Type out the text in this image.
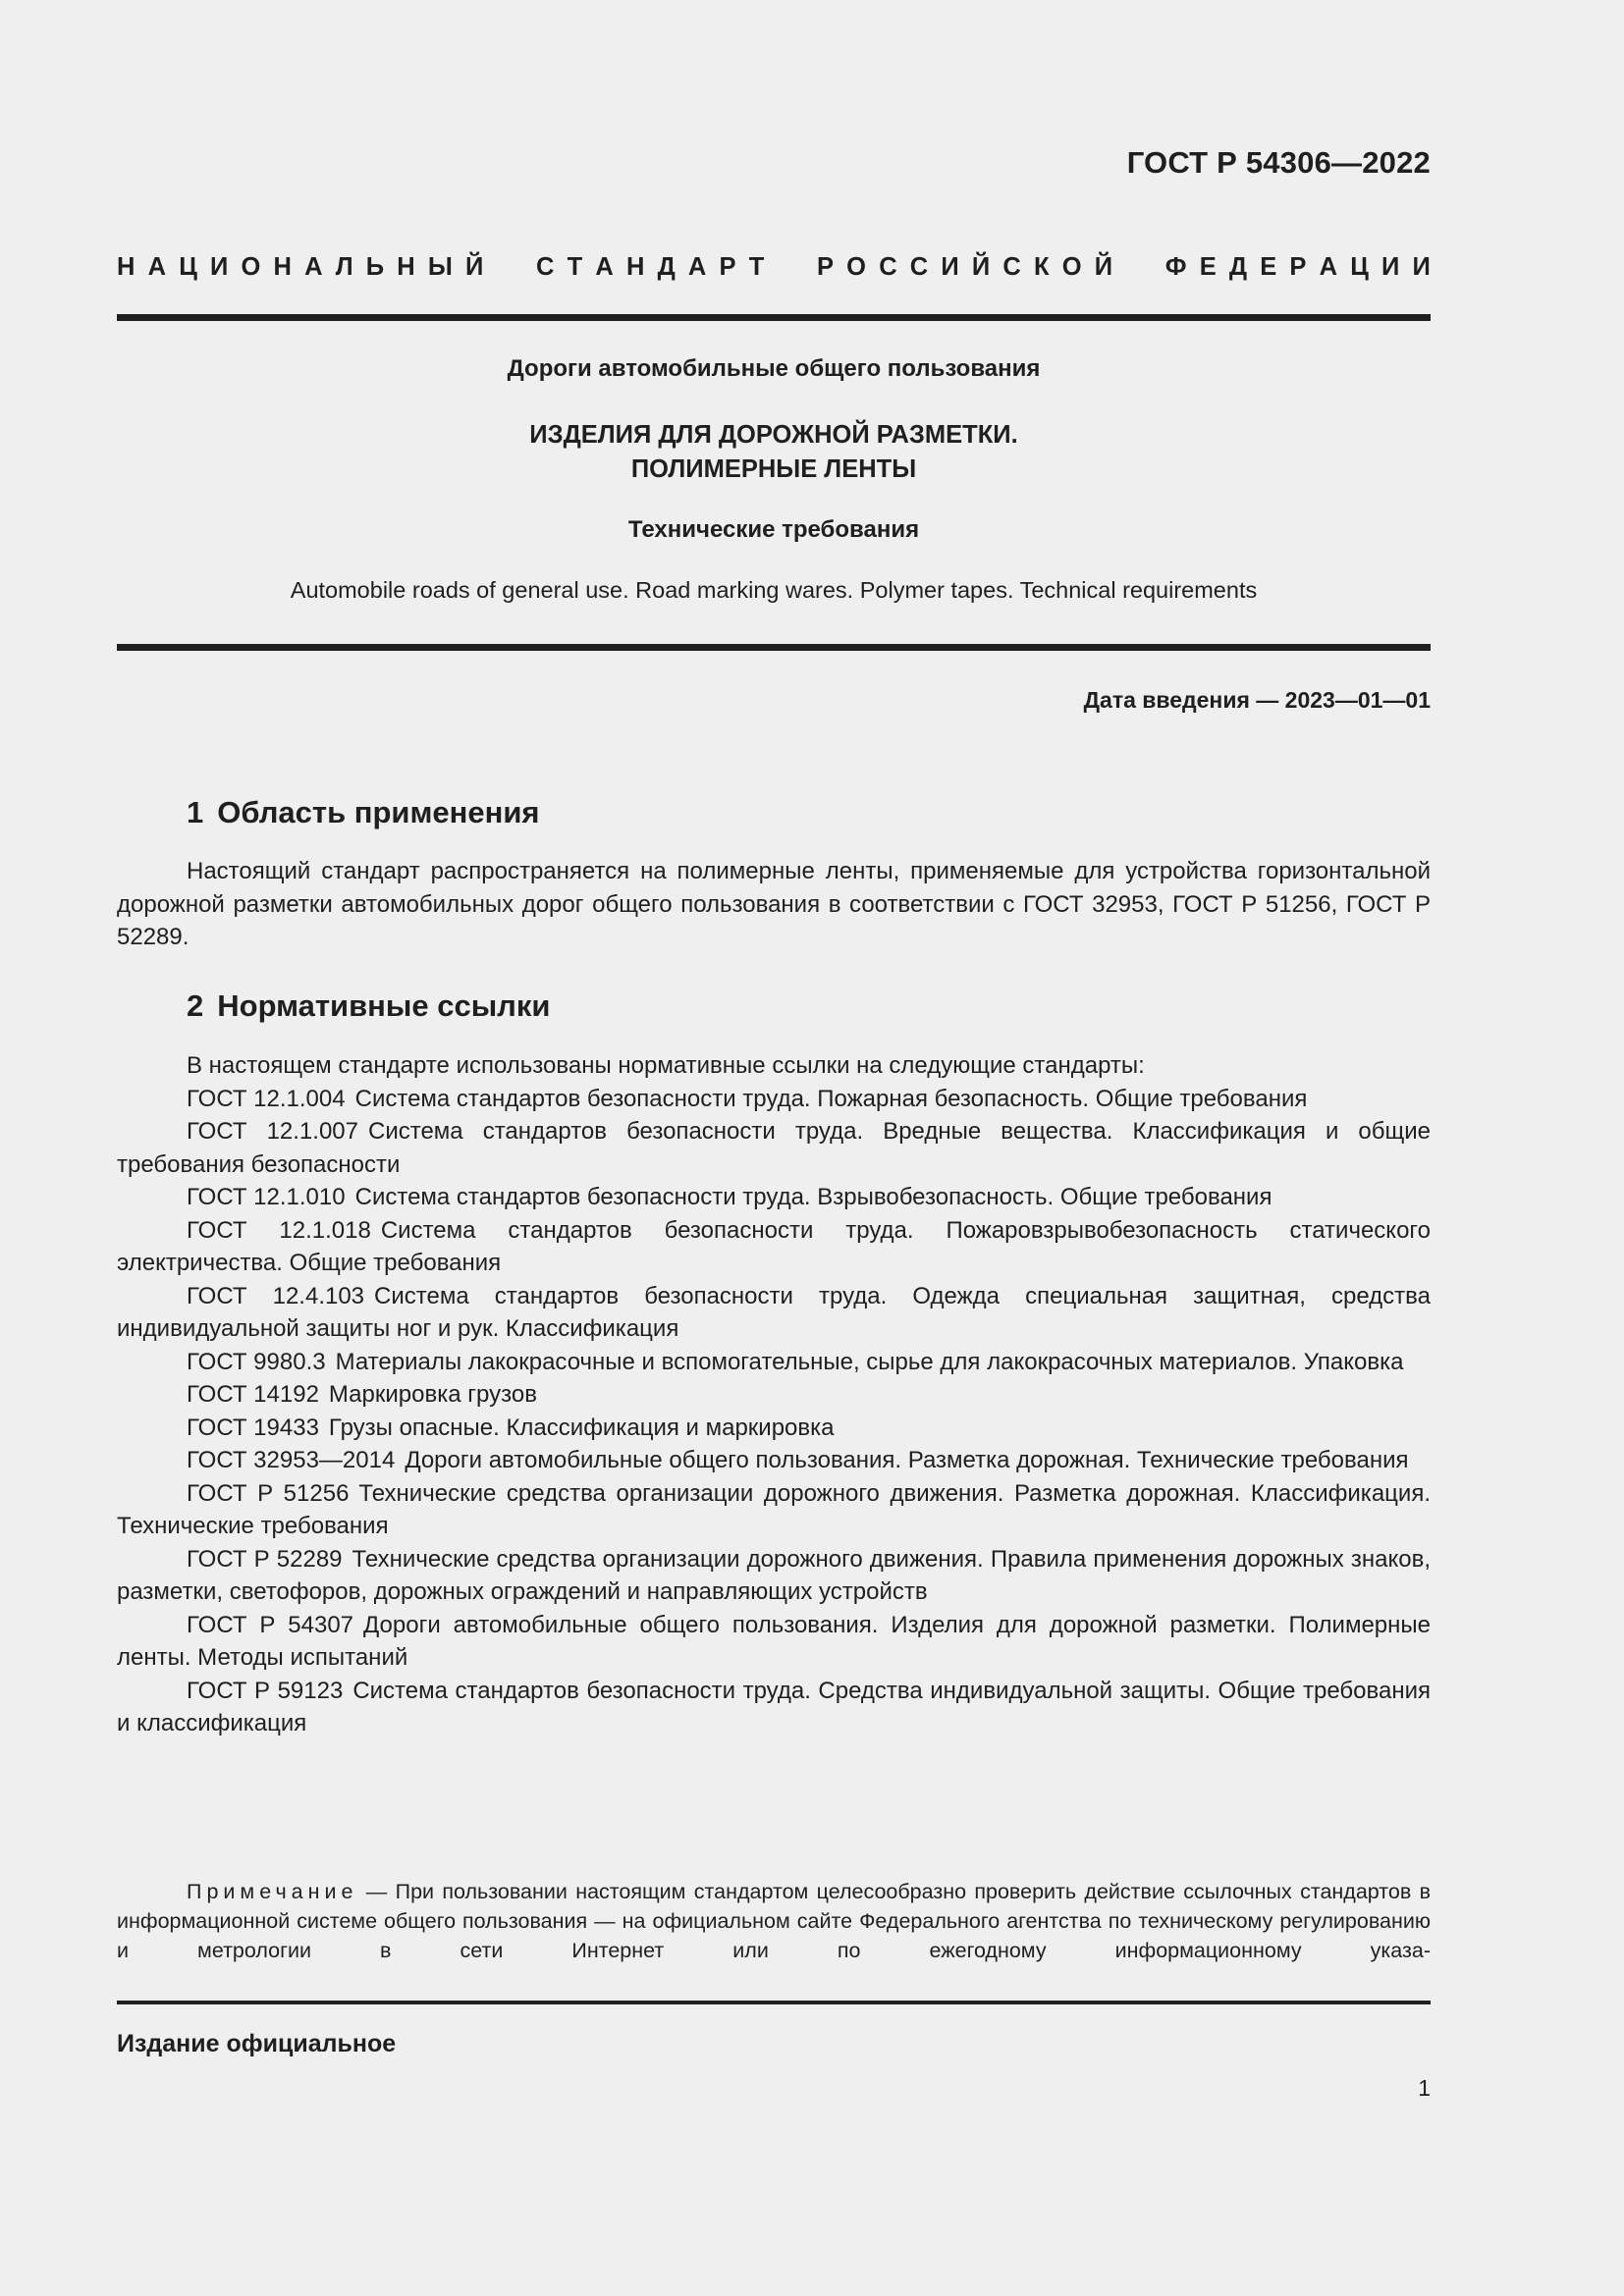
ГОСТ Р 54306—2022
Н А Ц И О Н А Л Ь Н Ы Й

С Т А Н Д А Р Т

Р О С С И Й С К О Й

Ф Е Д Е Р А Ц И И
Дороги автомобильные общего пользования
ИЗДЕЛИЯ ДЛЯ ДОРОЖНОЙ РАЗМЕТКИ.
ПОЛИМЕРНЫЕ ЛЕНТЫ
Технические требования
Automobile roads of general use. Road marking wares. Polymer tapes. Technical requirements
Дата введения — 2023—01—01
1 Область применения
Настоящий стандарт распространяется на полимерные ленты, применяемые для устройства горизонтальной дорожной разметки автомобильных дорог общего пользования в соответствии с ГОСТ 32953, ГОСТ Р 51256, ГОСТ Р 52289.
2 Нормативные ссылки
В настоящем стандарте использованы нормативные ссылки на следующие стандарты:
ГОСТ 12.1.004 Система стандартов безопасности труда. Пожарная безопасность. Общие требования
ГОСТ 12.1.007 Система стандартов безопасности труда. Вредные вещества. Классификация и общие требования безопасности
ГОСТ 12.1.010 Система стандартов безопасности труда. Взрывобезопасность. Общие требования
ГОСТ 12.1.018 Система стандартов безопасности труда. Пожаровзрывобезопасность статического электричества. Общие требования
ГОСТ 12.4.103 Система стандартов безопасности труда. Одежда специальная защитная, средства индивидуальной защиты ног и рук. Классификация
ГОСТ 9980.3 Материалы лакокрасочные и вспомогательные, сырье для лакокрасочных материалов. Упаковка
ГОСТ 14192 Маркировка грузов
ГОСТ 19433 Грузы опасные. Классификация и маркировка
ГОСТ 32953—2014 Дороги автомобильные общего пользования. Разметка дорожная. Технические требования
ГОСТ Р 51256 Технические средства организации дорожного движения. Разметка дорожная. Классификация. Технические требования
ГОСТ Р 52289 Технические средства организации дорожного движения. Правила применения дорожных знаков, разметки, светофоров, дорожных ограждений и направляющих устройств
ГОСТ Р 54307 Дороги автомобильные общего пользования. Изделия для дорожной разметки. Полимерные ленты. Методы испытаний
ГОСТ Р 59123 Система стандартов безопасности труда. Средства индивидуальной защиты. Общие требования и классификация
Примечание — При пользовании настоящим стандартом целесообразно проверить действие ссылочных стандартов в информационной системе общего пользования — на официальном сайте Федерального агентства по техническому регулированию и метрологии в сети Интернет или по ежегодному информационному указа-
Издание официальное
1
